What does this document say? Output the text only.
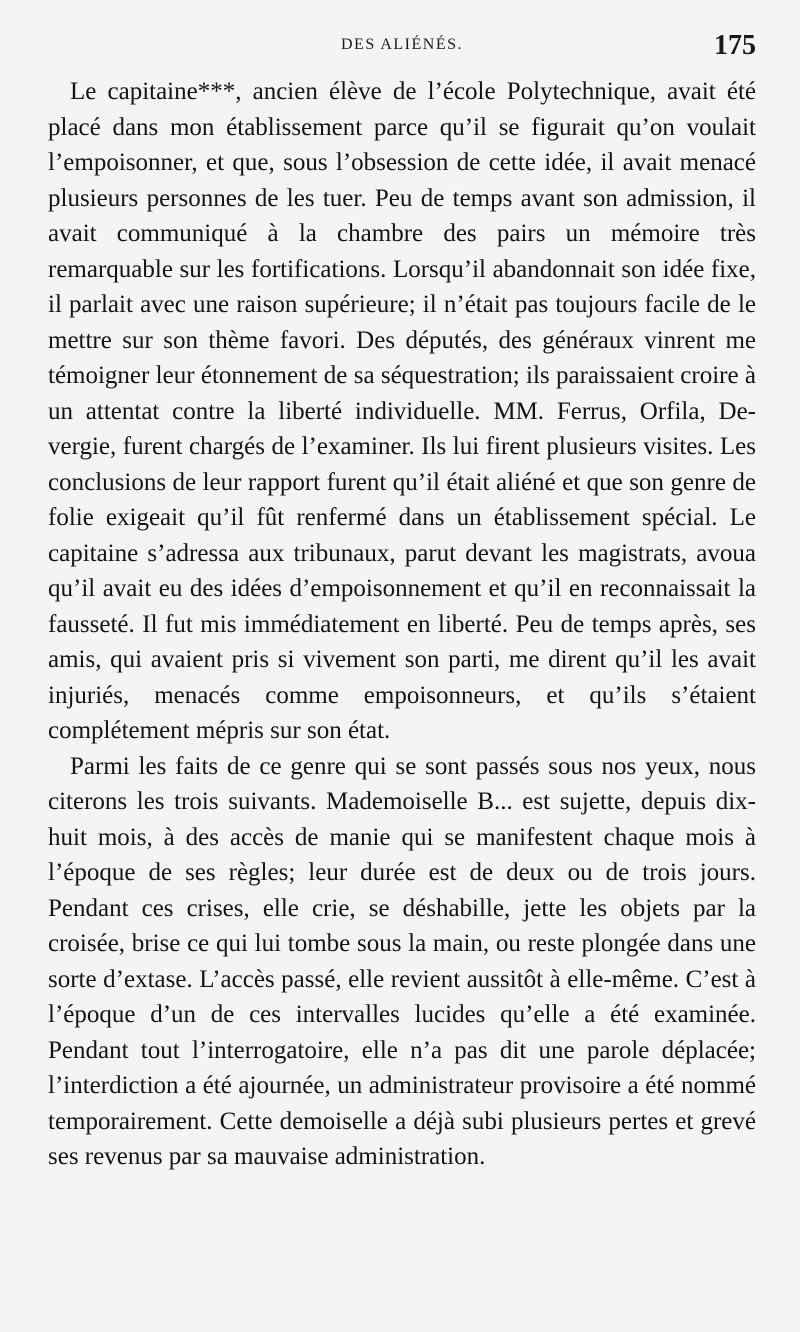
DES ALIÉNÉS.	175

Le capitaine***, ancien élève de l’école Polytechnique, avait été placé dans mon établissement parce qu’il se figurait qu’on voulait l’empoisonner, et que, sous l’obsession de cette idée, il avait menacé plusieurs personnes de les tuer. Peu de temps avant son admission, il avait communiqué à la chambre des pairs un mémoire très remarquable sur les fortifications. Lorsqu’il abandonnait son idée fixe, il parlait avec une raison supérieure; il n’était pas toujours facile de le mettre sur son thème favori. Des députés, des généraux vinrent me témoigner leur étonnement de sa séquestration; ils paraissaient croire à un attentat contre la liberté individuelle. MM. Ferrus, Orfila, Devergie, furent chargés de l’examiner. Ils lui firent plusieurs visites. Les conclusions de leur rapport furent qu’il était aliéné et que son genre de folie exigeait qu’il fût renfermé dans un établissement spécial. Le capitaine s’adressa aux tribunaux, parut devant les magistrats, avoua qu’il avait eu des idées d’empoisonnement et qu’il en reconnaissait la fausseté. Il fut mis immédiatement en liberté. Peu de temps après, ses amis, qui avaient pris si vivement son parti, me dirent qu’il les avait injuriés, menacés comme empoisonneurs, et qu’ils s’étaient complétement mépris sur son état.

Parmi les faits de ce genre qui se sont passés sous nos yeux, nous citerons les trois suivants. Mademoiselle B... est sujette, depuis dix-huit mois, à des accès de manie qui se manifestent chaque mois à l’époque de ses règles; leur durée est de deux ou de trois jours. Pendant ces crises, elle crie, se déshabille, jette les objets par la croisée, brise ce qui lui tombe sous la main, ou reste plongée dans une sorte d’extase. L’accès passé, elle revient aussitôt à elle-même. C’est à l’époque d’un de ces intervalles lucides qu’elle a été examinée. Pendant tout l’interrogatoire, elle n’a pas dit une parole déplacée; l’interdiction a été ajournée, un administrateur provisoire a été nommé temporairement. Cette demoiselle a déjà subi plusieurs pertes et grevé ses revenus par sa mauvaise administration.
